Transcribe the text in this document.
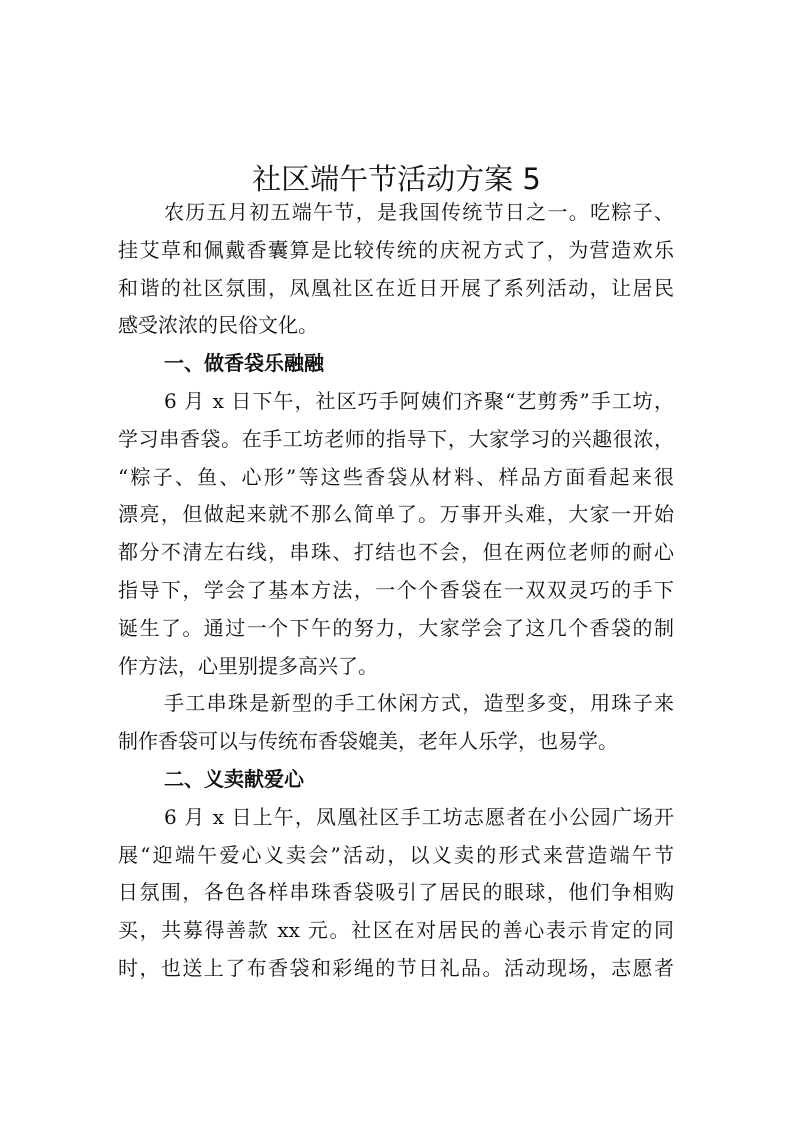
社区端午节活动方案 5
农历五月初五端午节，是我国传统节日之一。吃粽子、
挂艾草和佩戴香囊算是比较传统的庆祝方式了，为营造欢乐
和谐的社区氛围，凤凰社区在近日开展了系列活动，让居民
感受浓浓的民俗文化。
一、做香袋乐融融
6 月 x 日下午，社区巧手阿姨们齐聚“艺剪秀”手工坊，
学习串香袋。在手工坊老师的指导下，大家学习的兴趣很浓，
“粽子、鱼、心形”等这些香袋从材料、样品方面看起来很
漂亮，但做起来就不那么简单了。万事开头难，大家一开始
都分不清左右线，串珠、打结也不会，但在两位老师的耐心
指导下，学会了基本方法，一个个香袋在一双双灵巧的手下
诞生了。通过一个下午的努力，大家学会了这几个香袋的制
作方法，心里别提多高兴了。
手工串珠是新型的手工休闲方式，造型多变，用珠子来
制作香袋可以与传统布香袋媲美，老年人乐学，也易学。
二、义卖献爱心
6 月 x 日上午，凤凰社区手工坊志愿者在小公园广场开
展“迎端午爱心义卖会”活动，以义卖的形式来营造端午节
日氛围，各色各样串珠香袋吸引了居民的眼球，他们争相购
买，共募得善款 xx 元。社区在对居民的善心表示肯定的同
时，也送上了布香袋和彩绳的节日礼品。活动现场，志愿者
